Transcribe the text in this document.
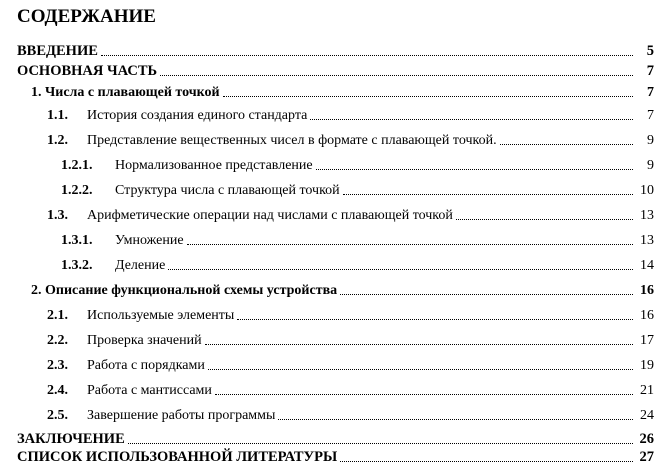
СОДЕРЖАНИЕ
ВВЕДЕНИЕ	5
ОСНОВНАЯ ЧАСТЬ	7
1. Числа с плавающей точкой	7
1.1.	История создания единого стандарта	7
1.2.	Представление вещественных чисел в формате с плавающей точкой.	9
1.2.1.	Нормализованное представление	9
1.2.2.	Структура числа с плавающей точкой	10
1.3.	Арифметические операции над числами с плавающей точкой	13
1.3.1.	Умножение	13
1.3.2.	Деление	14
2. Описание функциональной схемы устройства	16
2.1.	Используемые элементы	16
2.2.	Проверка значений	17
2.3.	Работа с порядками	19
2.4.	Работа с мантиссами	21
2.5.	Завершение работы программы	24
ЗАКЛЮЧЕНИЕ	26
СПИСОК ИСПОЛЬЗОВАННОЙ ЛИТЕРАТУРЫ	27
